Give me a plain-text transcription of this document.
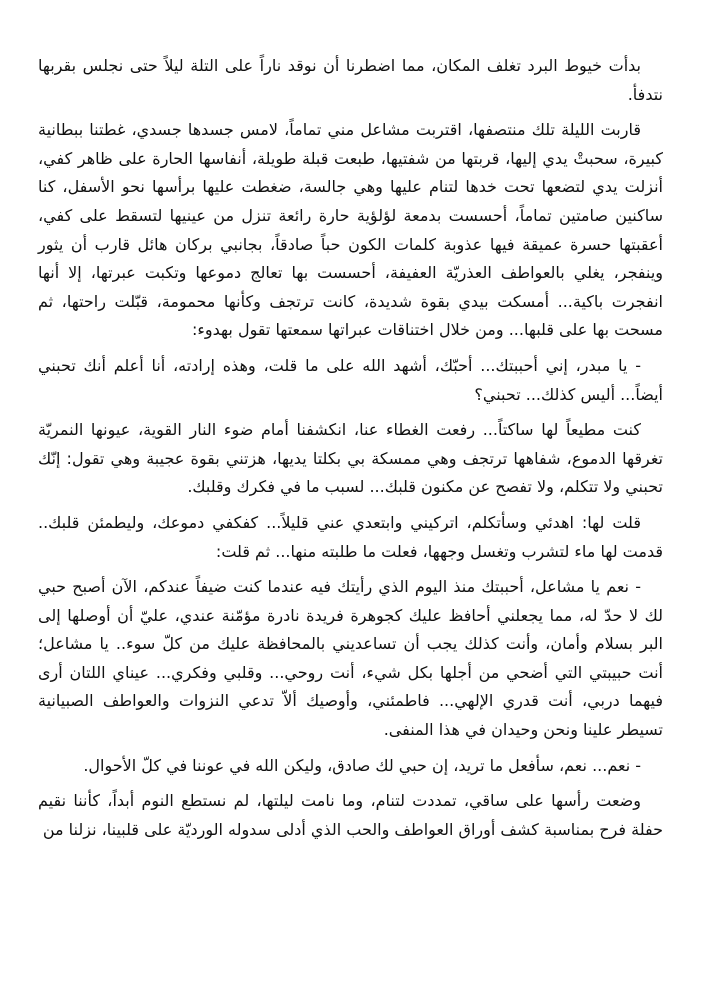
بدأت خيوط البرد تغلف المكان، مما اضطرنا أن نوقد ناراً على التلة ليلاً حتى نجلس بقربها نتدفأ.

قاربت الليلة تلك منتصفها، اقتربت مشاعل مني تماماً، لامس جسدها جسدي، غطتنا ببطانية كبيرة، سحبتْ يدي إليها، قربتها من شفتيها، طبعت قبلة طويلة، أنفاسها الحارة على ظاهر كفي، أنزلت يدي لتضعها تحت خدها لتنام عليها وهي جالسة، ضغطت عليها برأسها نحو الأسفل، كنا ساكنين صامتين تماماً، أحسست بدمعة لؤلؤية حارة رائعة تنزل من عينيها لتسقط على كفي، أعقبتها حسرة عميقة فيها عذوبة كلمات الكون حباً صادقاً، بجانبي بركان هائل قارب أن يثور وينفجر، يغلي بالعواطف العذريّة العفيفة، أحسست بها تعالج دموعها وتكبت عبرتها، إلا أنها انفجرت باكية... أمسكت بيدي بقوة شديدة، كانت ترتجف وكأنها محمومة، قبّلت راحتها، ثم مسحت بها على قلبها... ومن خلال اختناقات عبراتها سمعتها تقول بهدوء:

- يا مبدر، إني أحببتك... أحبّك، أشهد الله على ما قلت، وهذه إرادته، أنا أعلم أنك تحبني أيضاً... أليس كذلك... تحبني؟

كنت مطيعاً لها ساكتاً... رفعت الغطاء عنا، انكشفنا أمام ضوء النار القوية، عيونها النمريّة تغرقها الدموع، شفاهها ترتجف وهي ممسكة بي بكلتا يديها، هزتني بقوة عجيبة وهي تقول: إنّك تحبني ولا تتكلم، ولا تفصح عن مكنون قلبك... لسبب ما في فكرك وقلبك.

قلت لها: اهدئي وسأتكلم، اتركيني وابتعدي عني قليلاً... كفكفي دموعك، وليطمئن قلبك.. قدمت لها ماء لتشرب وتغسل وجهها، فعلت ما طلبته منها... ثم قلت:

- نعم يا مشاعل، أحببتك منذ اليوم الذي رأيتك فيه عندما كنت ضيفاً عندكم، الآن أصبح حبي لك لا حدّ له، مما يجعلني أحافظ عليك كجوهرة فريدة نادرة مؤمّنة عندي، عليّ أن أوصلها إلى البر بسلام وأمان، وأنت كذلك يجب أن تساعديني بالمحافظة عليك من كلّ سوء.. يا مشاعل؛ أنت حبيبتي التي أضحي من أجلها بكل شيء، أنت روحي... وقلبي وفكري... عيناي اللتان أرى فيهما دربي، أنت قدري الإلهي... فاطمئني، وأوصيك ألاّ تدعي النزوات والعواطف الصبيانية تسيطر علينا ونحن وحيدان في هذا المنفى.

- نعم... نعم، سأفعل ما تريد، إن حبي لك صادق، وليكن الله في عوننا في كلّ الأحوال.

وضعت رأسها على ساقي، تمددت لتنام، وما نامت ليلتها، لم نستطع النوم أبداً، كأننا نقيم حفلة فرح بمناسبة كشف أوراق العواطف والحب الذي أدلى سدوله الورديّة على قلبينا، نزلنا من
